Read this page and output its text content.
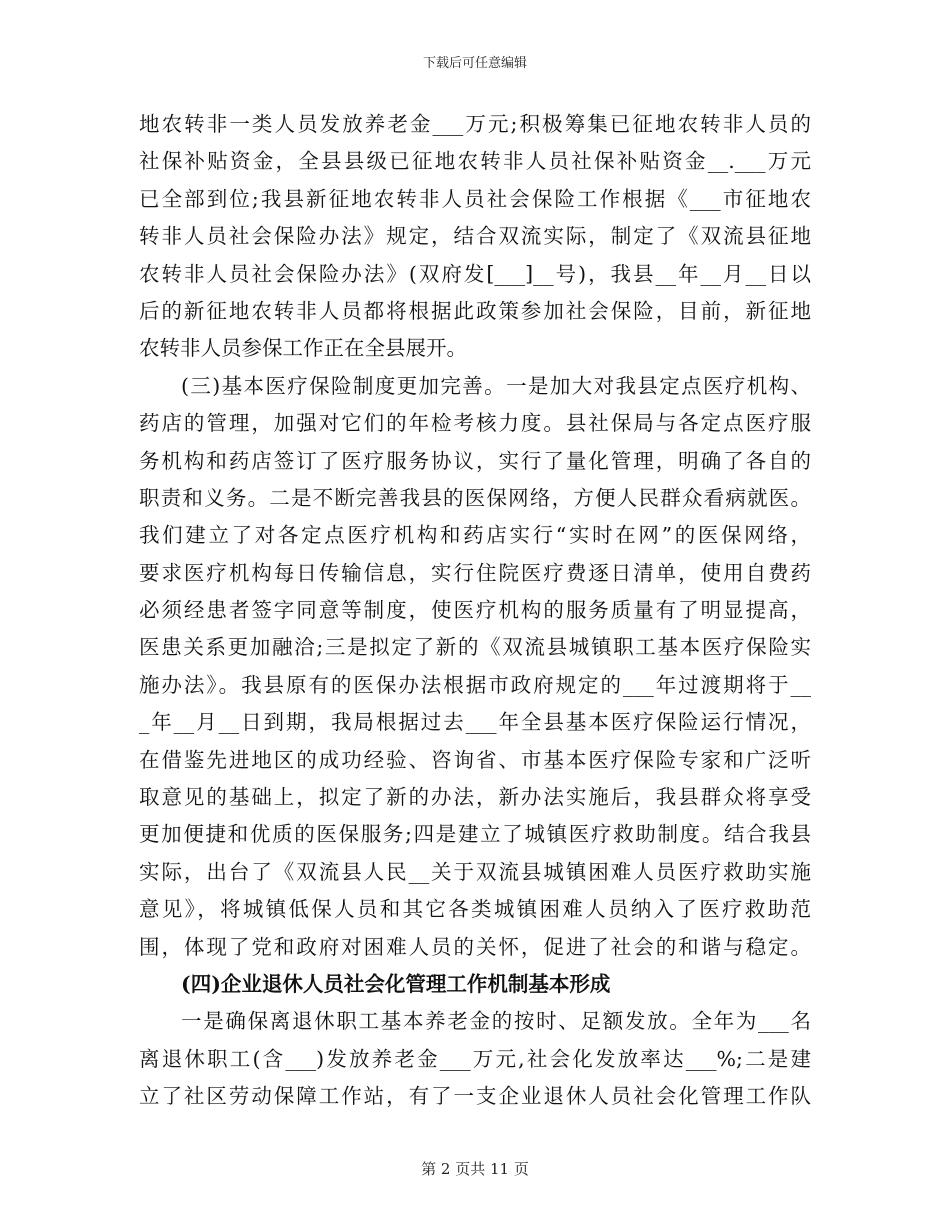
下载后可任意编辑
地农转非一类人员发放养老金___万元;积极筹集已征地农转非人员的
社保补贴资金，全县县级已征地农转非人员社保补贴资金__.___万元
已全部到位;我县新征地农转非人员社会保险工作根据《___市征地农
转非人员社会保险办法》规定，结合双流实际，制定了《双流县征地
农转非人员社会保险办法》(双府发[___]__号)，我县__年__月__日以
后的新征地农转非人员都将根据此政策参加社会保险，目前，新征地
农转非人员参保工作正在全县展开。
(三)基本医疗保险制度更加完善。一是加大对我县定点医疗机构、
药店的管理，加强对它们的年检考核力度。县社保局与各定点医疗服
务机构和药店签订了医疗服务协议，实行了量化管理，明确了各自的
职责和义务。二是不断完善我县的医保网络，方便人民群众看病就医。
我们建立了对各定点医疗机构和药店实行“实时在网”的医保网络，
要求医疗机构每日传输信息，实行住院医疗费逐日清单，使用自费药
必须经患者签字同意等制度，使医疗机构的服务质量有了明显提高，
医患关系更加融洽;三是拟定了新的《双流县城镇职工基本医疗保险实
施办法》。我县原有的医保办法根据市政府规定的___年过渡期将于__
_年__月__日到期，我局根据过去___年全县基本医疗保险运行情况，
在借鉴先进地区的成功经验、咨询省、市基本医疗保险专家和广泛听
取意见的基础上，拟定了新的办法，新办法实施后，我县群众将享受
更加便捷和优质的医保服务;四是建立了城镇医疗救助制度。结合我县
实际，出台了《双流县人民__关于双流县城镇困难人员医疗救助实施
意见》，将城镇低保人员和其它各类城镇困难人员纳入了医疗救助范
围，体现了党和政府对困难人员的关怀，促进了社会的和谐与稳定。
(四)企业退休人员社会化管理工作机制基本形成
一是确保离退休职工基本养老金的按时、足额发放。全年为___名
离退休职工(含___)发放养老金___万元,社会化发放率达___%;二是建
立了社区劳动保障工作站，有了一支企业退休人员社会化管理工作队
第 2 页共 11 页
